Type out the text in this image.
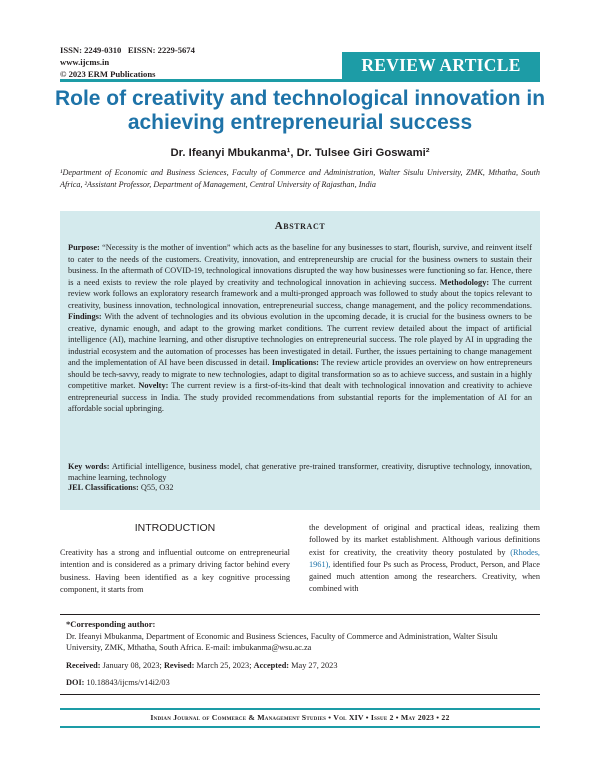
ISSN: 2249-0310 EISSN: 2229-5674
www.ijcms.in
© 2023 ERM Publications	REVIEW ARTICLE
Role of creativity and technological innovation in achieving entrepreneurial success
Dr. Ifeanyi Mbukanma¹, Dr. Tulsee Giri Goswami²
¹Department of Economic and Business Sciences, Faculty of Commerce and Administration, Walter Sisulu University, ZMK, Mthatha, South Africa, ²Assistant Professor, Department of Management, Central University of Rajasthan, India
Abstract
Purpose: “Necessity is the mother of invention” which acts as the baseline for any businesses to start, flourish, survive, and reinvent itself to cater to the needs of the customers. Creativity, innovation, and entrepreneurship are crucial for the business owners to sustain their business. In the aftermath of COVID-19, technological innovations disrupted the way how businesses were functioning so far. Hence, there is a need exists to review the role played by creativity and technological innovation in achieving success. Methodology: The current review work follows an exploratory research framework and a multi-pronged approach was followed to study about the topics relevant to creativity, business innovation, technological innovation, entrepreneurial success, change management, and the policy recommendations. Findings: With the advent of technologies and its obvious evolution in the upcoming decade, it is crucial for the business owners to be creative, dynamic enough, and adapt to the growing market conditions. The current review detailed about the impact of artificial intelligence (AI), machine learning, and other disruptive technologies on entrepreneurial success. The role played by AI in upgrading the industrial ecosystem and the automation of processes has been investigated in detail. Further, the issues pertaining to change management and the implementation of AI have been discussed in detail. Implications: The review article provides an overview on how entrepreneurs should be tech-savvy, ready to migrate to new technologies, adapt to digital transformation so as to achieve success, and sustain in a highly competitive market. Novelty: The current review is a first-of-its-kind that dealt with technological innovation and creativity to achieve entrepreneurial success in India. The study provided recommendations from substantial reports for the implementation of AI for an affordable social upbringing.
Key words: Artificial intelligence, business model, chat generative pre-trained transformer, creativity, disruptive technology, innovation, machine learning, technology
JEL Classifications: Q55, O32
INTRODUCTION
Creativity has a strong and influential outcome on entrepreneurial intention and is considered as a primary driving factor behind every business. Having been identified as a key cognitive processing component, it starts from
the development of original and practical ideas, realizing them followed by its market establishment. Although various definitions exist for creativity, the creativity theory postulated by (Rhodes, 1961), identified four Ps such as Process, Product, Person, and Place gained much attention among the researchers. Creativity, when combined with
*Corresponding author:
Dr. Ifeanyi Mbukanma, Department of Economic and Business Sciences, Faculty of Commerce and Administration, Walter Sisulu University, ZMK, Mthatha, South Africa. E-mail: imbukanma@wsu.ac.za
Received: January 08, 2023; Revised: March 25, 2023; Accepted: May 27, 2023
DOI: 10.18843/ijcms/v14i2/03
Indian Journal of Commerce & Management Studies • Vol XIV • Issue 2 • May 2023 • 22
